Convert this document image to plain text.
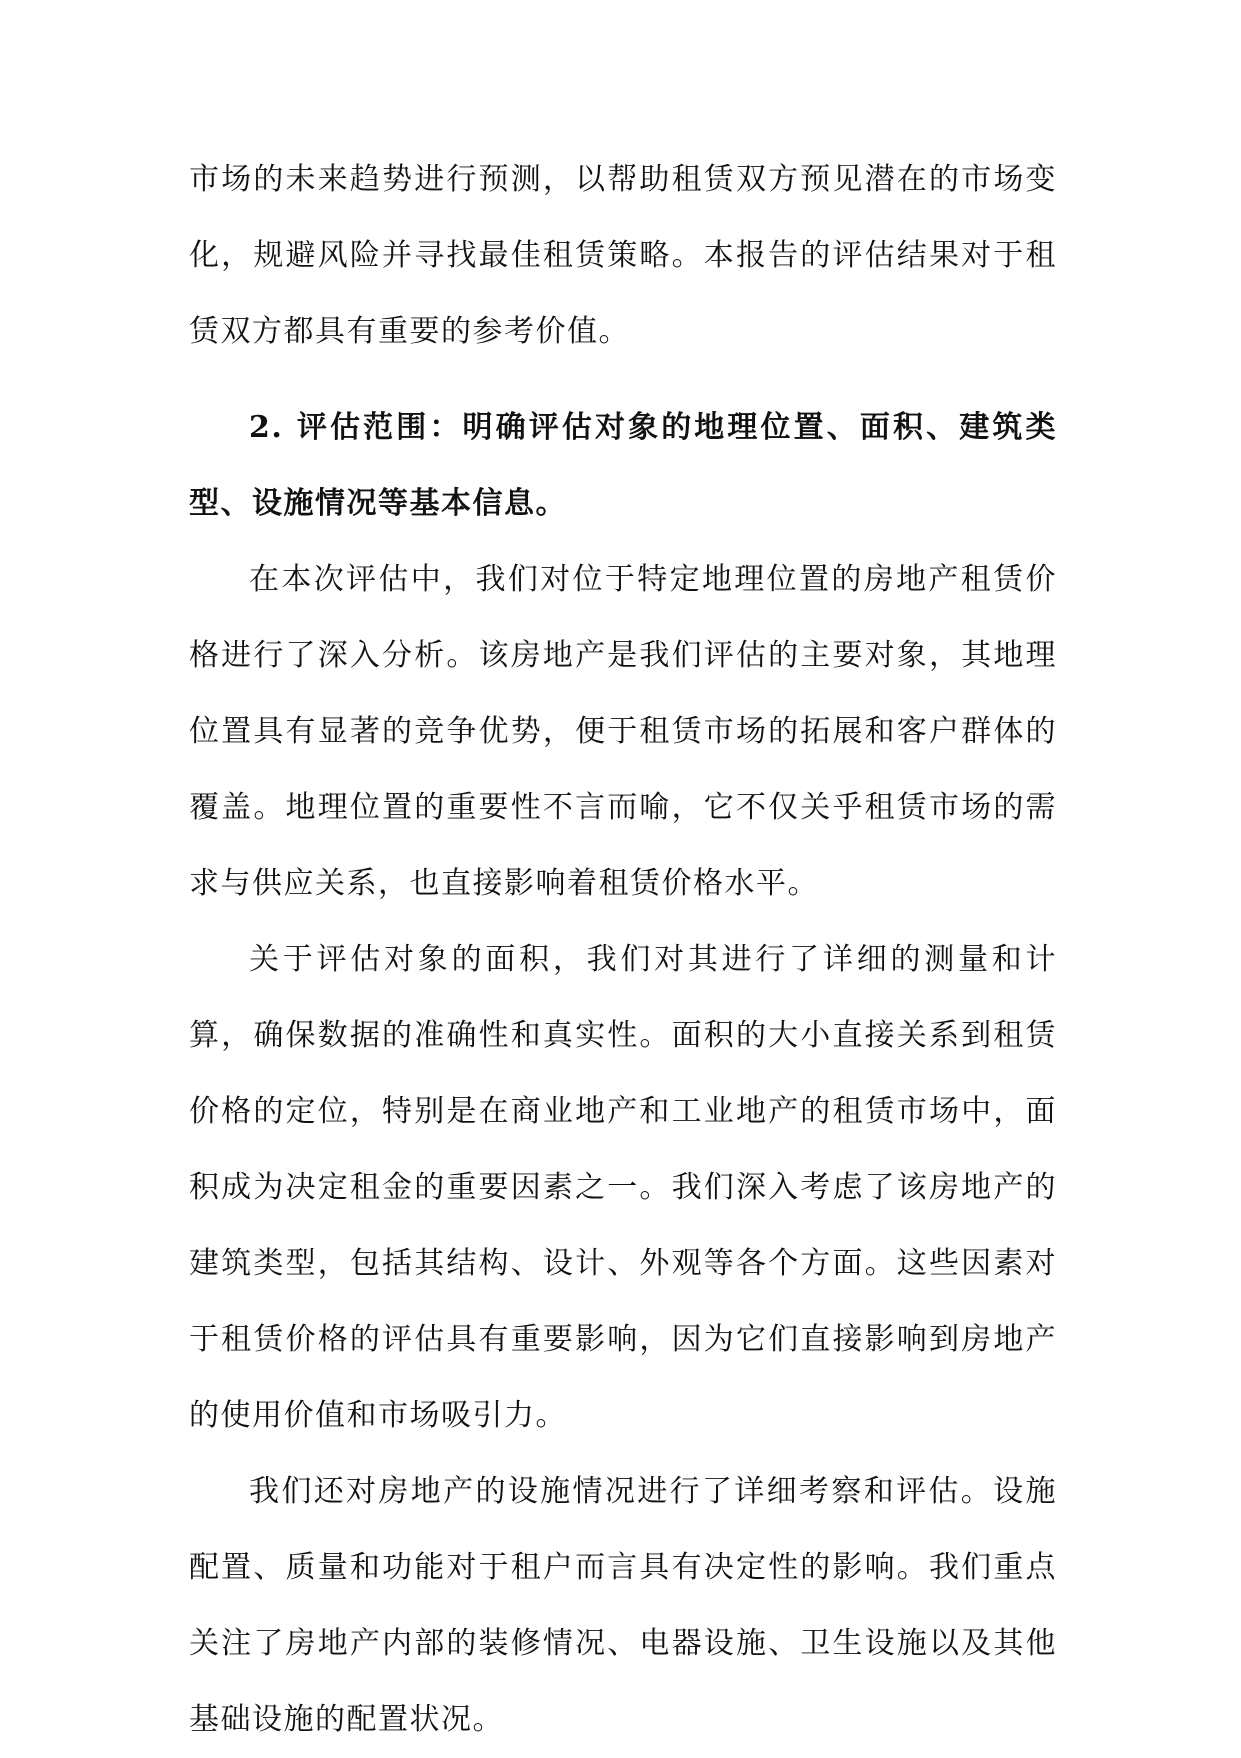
市场的未来趋势进行预测，以帮助租赁双方预见潜在的市场变化，规避风险并寻找最佳租赁策略。本报告的评估结果对于租赁双方都具有重要的参考价值。

2. 评估范围：明确评估对象的地理位置、面积、建筑类型、设施情况等基本信息。

在本次评估中，我们对位于特定地理位置的房地产租赁价格进行了深入分析。该房地产是我们评估的主要对象，其地理位置具有显著的竞争优势，便于租赁市场的拓展和客户群体的覆盖。地理位置的重要性不言而喻，它不仅关乎租赁市场的需求与供应关系，也直接影响着租赁价格水平。

关于评估对象的面积，我们对其进行了详细的测量和计算，确保数据的准确性和真实性。面积的大小直接关系到租赁价格的定位，特别是在商业地产和工业地产的租赁市场中，面积成为决定租金的重要因素之一。我们深入考虑了该房地产的建筑类型，包括其结构、设计、外观等各个方面。这些因素对于租赁价格的评估具有重要影响，因为它们直接影响到房地产的使用价值和市场吸引力。

我们还对房地产的设施情况进行了详细考察和评估。设施配置、质量和功能对于租户而言具有决定性的影响。我们重点关注了房地产内部的装修情况、电器设施、卫生设施以及其他基础设施的配置状况。
